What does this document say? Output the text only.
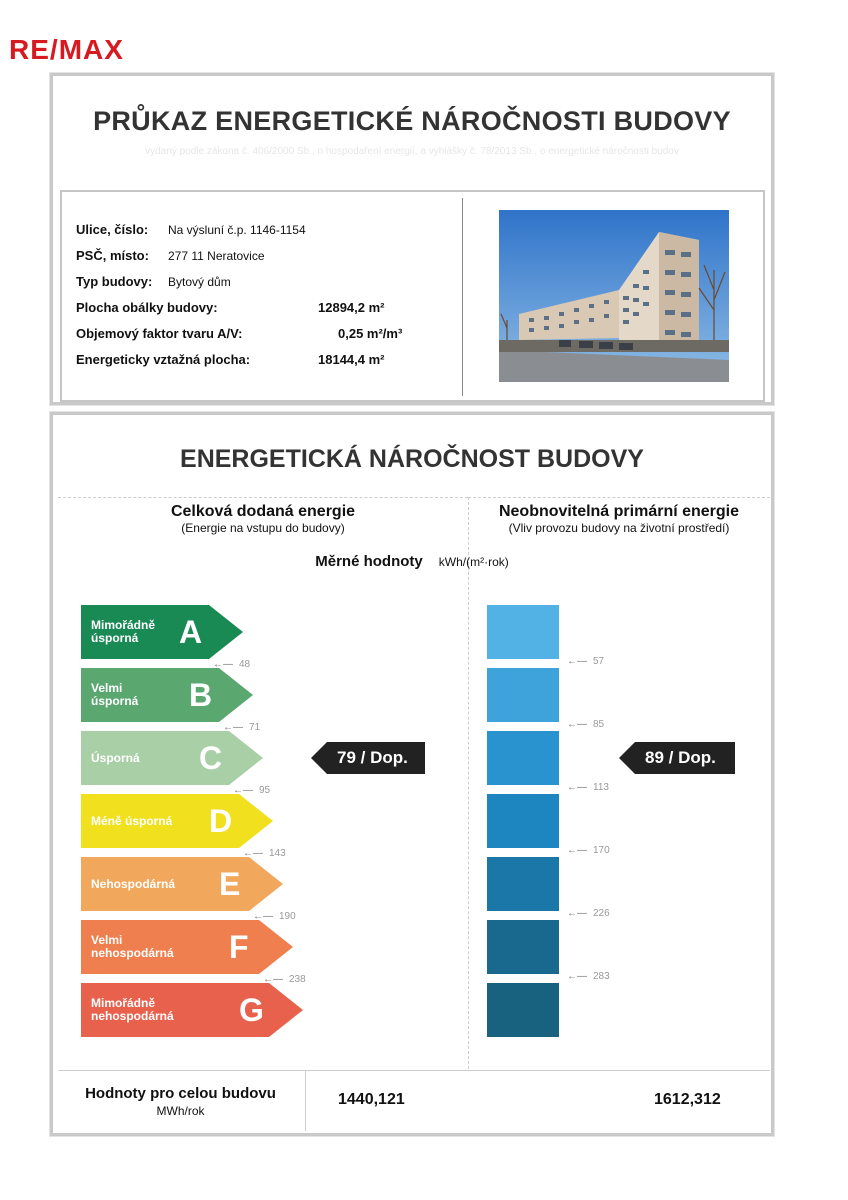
RE/MAX
PRŮKAZ ENERGETICKÉ NÁROČNOSTI BUDOVY
vydaný podle zákona č. 406/2000 Sb., o hospodaření energií, a vyhlášky č. 78/2013 Sb., o energetické náročnosti budov
Ulice, číslo: Na výsluní č.p. 1146-1154
PSČ, místo: 277 11 Neratovice
Typ budovy: Bytový dům
Plocha obálky budovy:	12894,2 m²
Objemový faktor tvaru A/V:	0,25 m²/m³
Energeticky vztažná plocha:	18144,4 m²
ENERGETICKÁ NÁROČNOST BUDOVY
Celková dodaná energie
(Energie na vstupu do budovy)
Neobnovitelná primární energie
(Vliv provozu budovy na životní prostředí)
Měrné hodnoty kWh/(m²·rok)
Mimořádně
úsporná	A
Velmi
úsporná B
Úsporná C
Méně úsporná D
Nehospodárná E
Velmi
nehospodárná F
Mimořádně
nehospodárná G
←— 48
←— 71
←— 95
←— 143
←— 190
←— 238
←— 57
←— 85
←— 113
←— 170
←— 226
←— 283
79 / Dop.	89 / Dop.
Hodnoty pro celou budovu
MWh/rok
1440,121	1612,312
